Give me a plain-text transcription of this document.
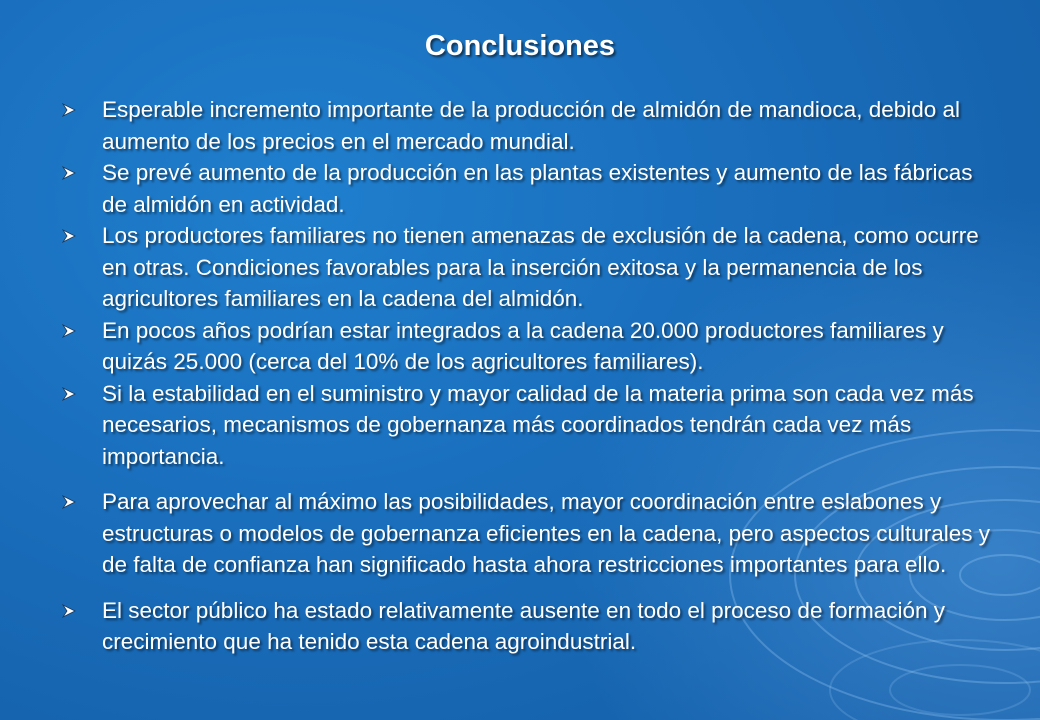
Conclusiones
Esperable incremento importante de la producción de almidón de mandioca, debido al aumento de los precios en el mercado mundial.
Se prevé aumento de la producción en las plantas existentes y aumento de las fábricas de almidón en actividad.
Los productores familiares no tienen amenazas de exclusión de la cadena, como ocurre en otras. Condiciones favorables para la inserción exitosa y la permanencia de los agricultores familiares en la cadena del almidón.
En pocos años podrían estar integrados a la cadena 20.000 productores familiares y quizás 25.000 (cerca del 10% de los agricultores familiares).
Si la estabilidad en el suministro y mayor calidad de la materia prima son cada vez más necesarios, mecanismos de gobernanza más coordinados tendrán cada vez más importancia.
Para aprovechar al máximo las posibilidades, mayor coordinación entre eslabones y estructuras o modelos de gobernanza eficientes en la cadena, pero aspectos culturales y de falta de confianza han significado hasta ahora restricciones importantes para ello.
El sector público ha estado relativamente ausente en todo el proceso de formación y crecimiento que ha tenido esta cadena agroindustrial.
